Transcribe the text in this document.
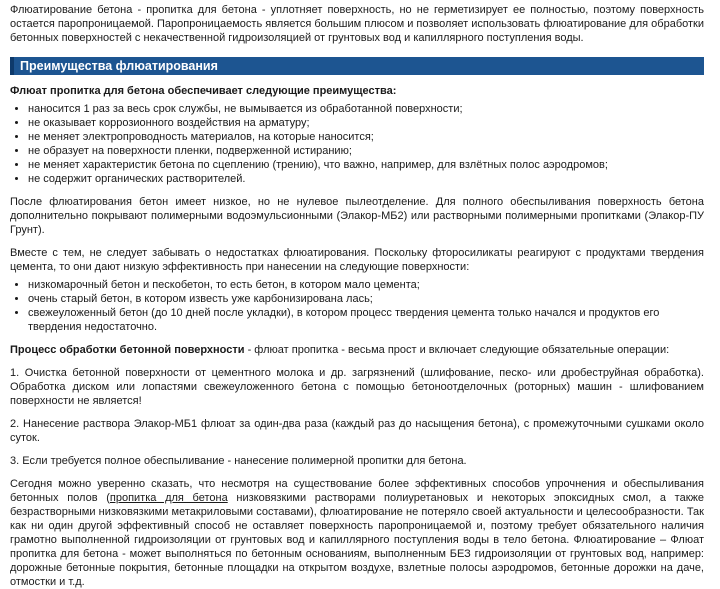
Флюатирование бетона - пропитка для бетона - уплотняет поверхность, но не герметизирует ее полностью, поэтому поверхность остается паропроницаемой. Паропроницаемость является большим плюсом и позволяет использовать флюатирование для обработки бетонных поверхностей с некачественной гидроизоляцией от грунтовых вод и капиллярного поступления воды.

Преимущества флюатирования

Флюат пропитка для бетона обеспечивает следующие преимущества:

• наносится 1 раз за весь срок службы, не вымывается из обработанной поверхности;
• не оказывает коррозионного воздействия на арматуру;
• не меняет электропроводность материалов, на которые наносится;
• не образует на поверхности пленки, подверженной истиранию;
• не меняет характеристик бетона по сцеплению (трению), что важно, например, для взлётных полос аэродромов;
• не содержит органических растворителей.

После флюатирования бетон имеет низкое, но не нулевое пылеотделение. Для полного обеспыливания поверхность бетона дополнительно покрывают полимерными водоэмульсионными (Элакор-МБ2) или растворными полимерными пропитками (Элакор-ПУ Грунт).

Вместе с тем, не следует забывать о недостатках флюатирования. Поскольку фторосиликаты реагируют с продуктами твердения цемента, то они дают низкую эффективность при нанесении на следующие поверхности:

• низкомарочный бетон и пескобетон, то есть бетон, в котором мало цемента;
• очень старый бетон, в котором известь уже карбонизирована лась;
• свежеуложенный бетон (до 10 дней после укладки), в котором процесс твердения цемента только начался и продуктов его твердения недостаточно.

Процесс обработки бетонной поверхности - флюат пропитка - весьма прост и включает следующие обязательные операции:

1. Очистка бетонной поверхности от цементного молока и др. загрязнений (шлифование, песко- или дробеструйная обработка). Обработка диском или лопастями свежеуложенного бетона с помощью бетоноотделочных (роторных) машин - шлифованием поверхности не является!

2. Нанесение раствора Элакор-МБ1 флюат за один-два раза (каждый раз до насыщения бетона), с промежуточными сушками около суток.

3. Если требуется полное обеспыливание - нанесение полимерной пропитки для бетона.

Сегодня можно уверенно сказать, что несмотря на существование более эффективных способов упрочнения и обеспыливания бетонных полов (пропитка для бетона низковязкими растворами полиуретановых и некоторых эпоксидных смол, а также безрастворными низковязкими метакриловыми составами), флюатирование не потеряло своей актуальности и целесообразности. Так как ни один другой эффективный способ не оставляет поверхность паропроницаемой и, поэтому требует обязательного наличия грамотно выполненной гидроизоляции от грунтовых вод и капиллярного поступления воды в тело бетона. Флюатирование – Флюат пропитка для бетона - может выполняться по бетонным основаниям, выполненным БЕЗ гидроизоляции от грунтовых вод, например: дорожные бетонные покрытия, бетонные площадки на открытом воздухе, взлетные полосы аэродромов, бетонные дорожки на даче, отмостки и т.д.
